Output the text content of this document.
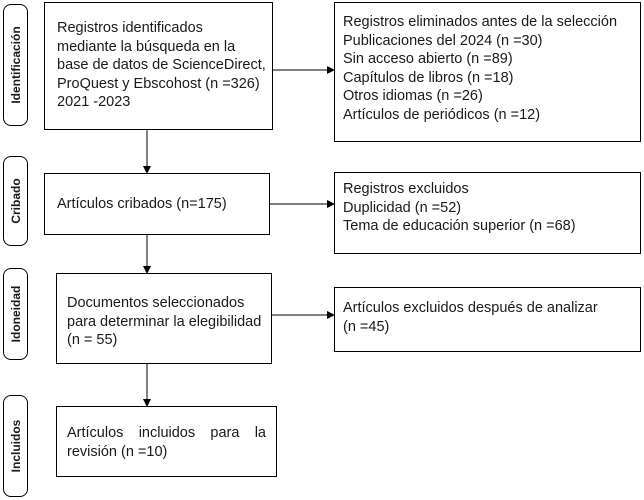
Identificación
Cribado
Idoneidad
Incluidos
Registros identificados
mediante la búsqueda en la
base de datos de ScienceDirect,
ProQuest y Ebscohost (n =326)
2021 -2023
Registros eliminados antes de la selección
Publicaciones del 2024 (n =30)
Sin acceso abierto (n =89)
Capítulos de libros (n =18)
Otros idiomas (n =26)
Artículos de periódicos (n =12)
Artículos cribados (n=175)
Registros excluidos
Duplicidad (n =52)
Tema de educación superior (n =68)
Documentos seleccionados
para determinar la elegibilidad
(n = 55)
Artículos excluidos después de analizar
(n =45)
Artículos incluidos para la
revisión (n =10)
